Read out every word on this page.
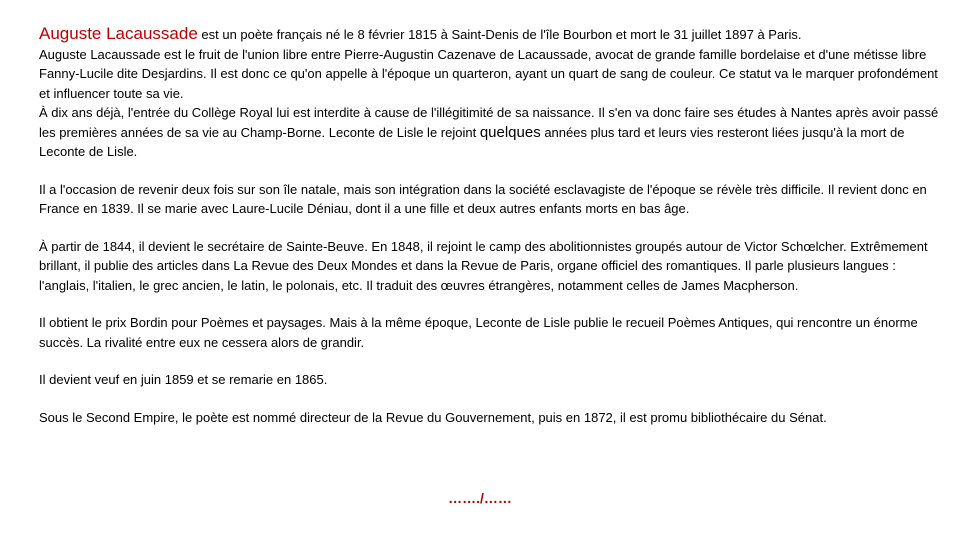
Auguste Lacaussade est un poète français né le 8 février 1815 à Saint-Denis de l'île Bourbon et mort le 31 juillet 1897 à Paris.
Auguste Lacaussade est le fruit de l'union libre entre Pierre-Augustin Cazenave de Lacaussade, avocat de grande famille bordelaise et d'une métisse libre Fanny-Lucile dite Desjardins. Il est donc ce qu'on appelle à l'époque un quarteron, ayant un quart de sang de couleur. Ce statut va le marquer profondément et influencer toute sa vie.

À dix ans déjà, l'entrée du Collège Royal lui est interdite à cause de l'illégitimité de sa naissance. Il s'en va donc faire ses études à Nantes après avoir passé les premières années de sa vie au Champ-Borne. Leconte de Lisle le rejoint quelques années plus tard et leurs vies resteront liées jusqu'à la mort de Leconte de Lisle.

Il a l'occasion de revenir deux fois sur son île natale, mais son intégration dans la société esclavagiste de l'époque se révèle très difficile. Il revient donc en France en 1839. Il se marie avec Laure-Lucile Déniau, dont il a une fille et deux autres enfants morts en bas âge.

À partir de 1844, il devient le secrétaire de Sainte-Beuve. En 1848, il rejoint le camp des abolitionnistes groupés autour de Victor Schœlcher. Extrêmement brillant, il publie des articles dans La Revue des Deux Mondes et dans la Revue de Paris, organe officiel des romantiques. Il parle plusieurs langues : l'anglais, l'italien, le grec ancien, le latin, le polonais, etc. Il traduit des œuvres étrangères, notamment celles de James Macpherson.

Il obtient le prix Bordin pour Poèmes et paysages. Mais à la même époque, Leconte de Lisle publie le recueil Poèmes Antiques, qui rencontre un énorme succès. La rivalité entre eux ne cessera alors de grandir.

Il devient veuf en juin 1859 et se remarie en 1865.

Sous le Second Empire, le poète est nommé directeur de la Revue du Gouvernement, puis en 1872, il est promu bibliothécaire du Sénat.

……./……
